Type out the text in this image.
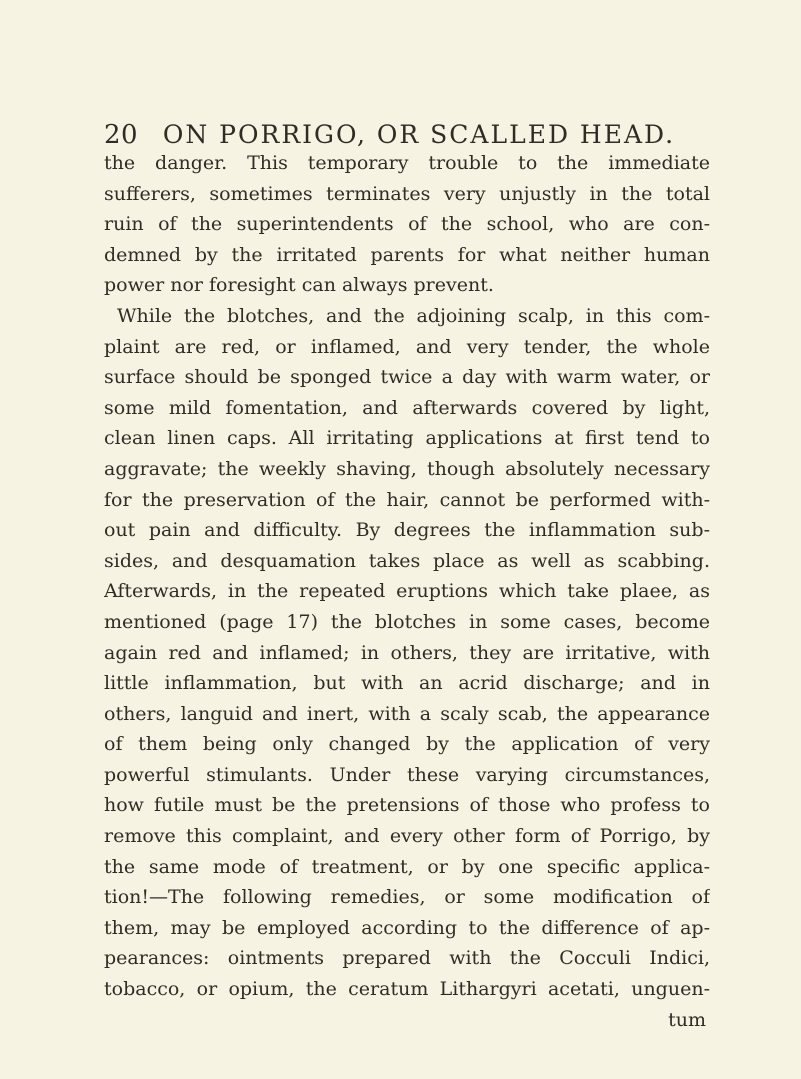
ON PORRIGO, OR SCALLED HEAD.
20
the danger. This temporary trouble to the immediate
sufferers, sometimes terminates very unjustly in the total
ruin of the superintendents of the school, who are con-
demned by the irritated parents for what neither human
power nor foresight can always prevent.
While the blotches, and the adjoining scalp, in this com-
plaint are red, or inflamed, and very tender, the whole
surface should be sponged twice a day with warm water, or
some mild fomentation, and afterwards covered by light,
clean linen caps. All irritating applications at first tend to
aggravate; the weekly shaving, though absolutely necessary
for the preservation of the hair, cannot be performed with-
out pain and difficulty. By degrees the inflammation sub-
sides, and desquamation takes place as well as scabbing.
Afterwards, in the repeated eruptions which take plaee, as
mentioned (page 17) the blotches in some cases, become
again red and inflamed; in others, they are irritative, with
little inflammation, but with an acrid discharge; and in
others, languid and inert, with a scaly scab, the appearance
of them being only changed by the application of very
powerful stimulants. Under these varying circumstances,
how futile must be the pretensions of those who profess to
remove this complaint, and every other form of Porrigo, by
the same mode of treatment, or by one specific applica-
tion!—The following remedies, or some modification of
them, may be employed according to the difference of ap-
pearances: ointments prepared with the Cocculi Indici,
tobacco, or opium, the ceratum Lithargyri acetati, unguen-
tum
